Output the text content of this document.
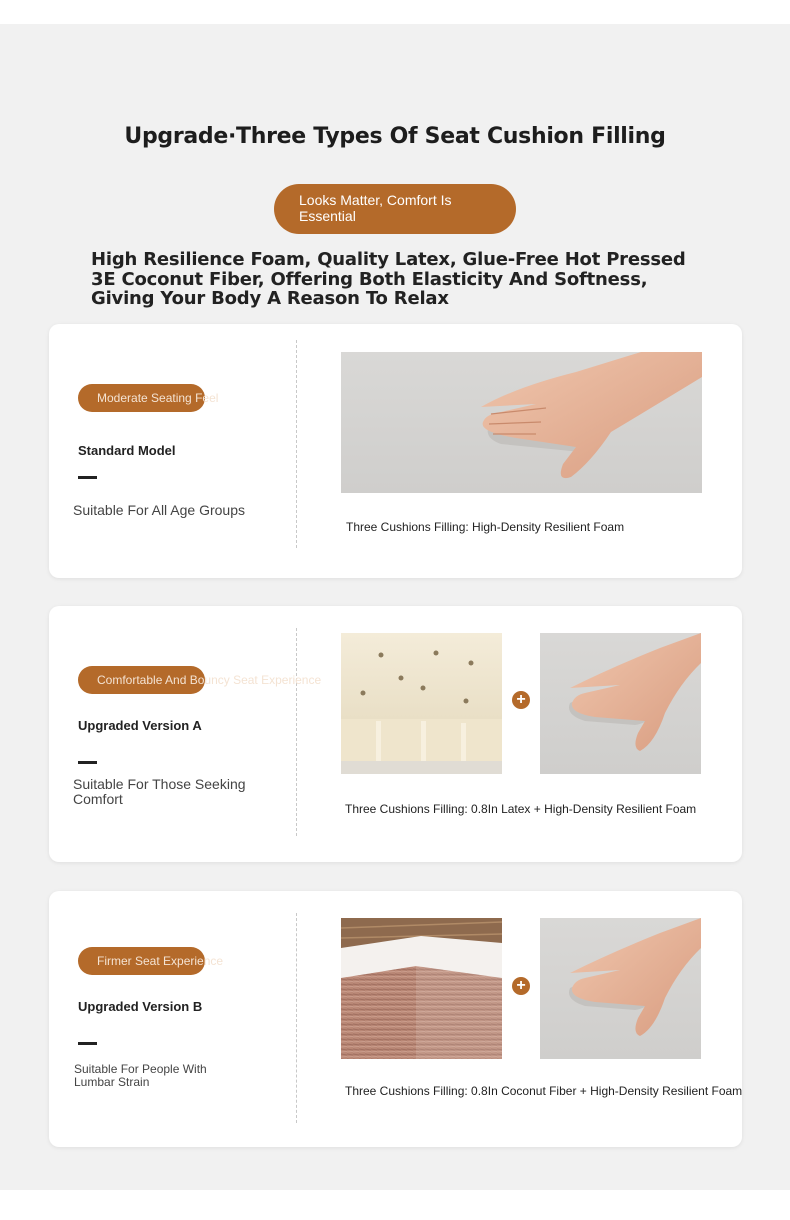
Upgrade·Three Types Of Seat Cushion Filling
Looks Matter, Comfort Is Essential
High Resilience Foam, Quality Latex, Glue-Free Hot Pressed 3E Coconut Fiber, Offering Both Elasticity And Softness, Giving Your Body A Reason To Relax
Moderate Seating Feel
Standard Model
Suitable For All Age Groups
Three Cushions Filling: High-Density Resilient Foam
Comfortable And Bouncy Seat Experience
Upgraded Version A
Suitable For Those Seeking Comfort
+
Three Cushions Filling: 0.8In Latex + High-Density Resilient Foam
Firmer Seat Experience
Upgraded Version B
Suitable For People With Lumbar Strain
+
Three Cushions Filling: 0.8In Coconut Fiber + High-Density Resilient Foam
